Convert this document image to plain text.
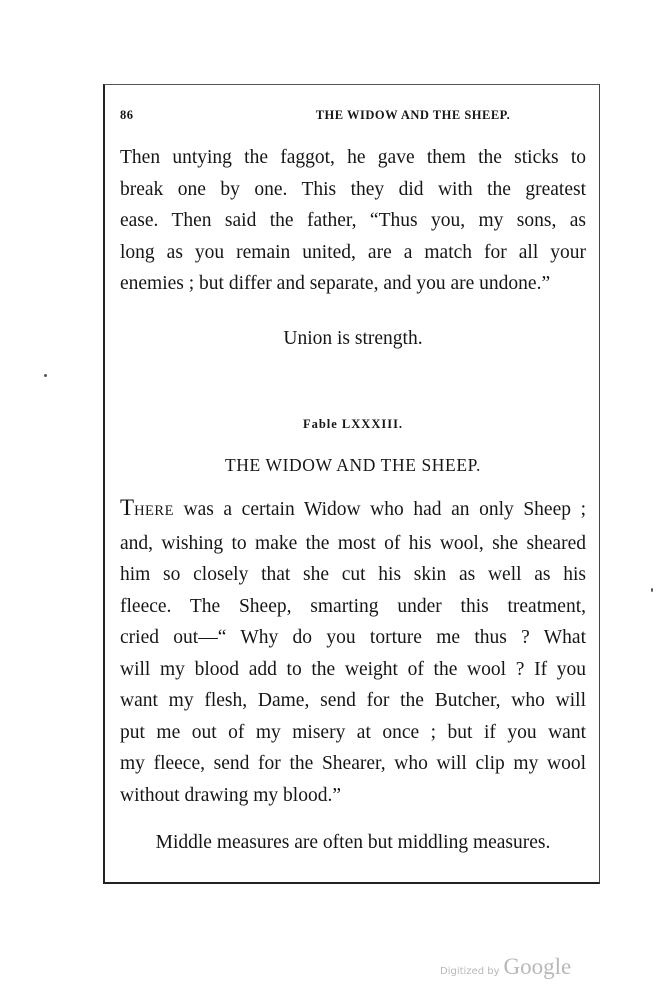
86	THE WIDOW AND THE SHEEP.
Then untying the faggot, he gave them the sticks to
break one by one. This they did with the greatest
ease. Then said the father, “Thus you, my sons, as
long as you remain united, are a match for all your
enemies ; but differ and separate, and you are undone.”
Union is strength.
Fable LXXXIII.
THE WIDOW AND THE SHEEP.
THERE was a certain Widow who had an only Sheep ;
and, wishing to make the most of his wool, she sheared
him so closely that she cut his skin as well as his
fleece. The Sheep, smarting under this treatment,
cried out—“ Why do you torture me thus ? What
will my blood add to the weight of the wool ? If you
want my flesh, Dame, send for the Butcher, who will
put me out of my misery at once ; but if you want
my fleece, send for the Shearer, who will clip my wool
without drawing my blood.”
Middle measures are often but middling measures.
Digitized by Google
